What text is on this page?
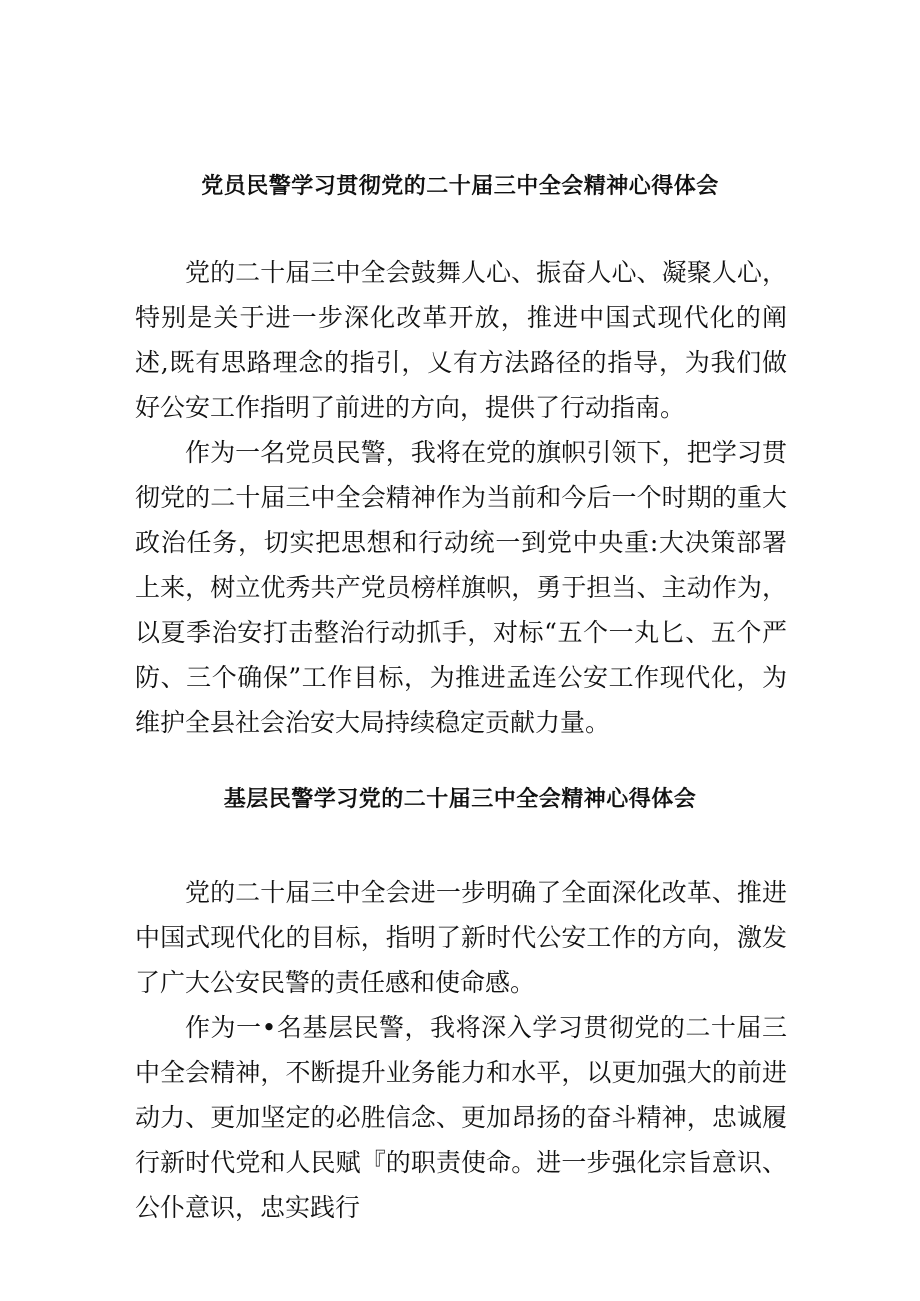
党员民警学习贯彻党的二十届三中全会精神心得体会

党的二十届三中全会鼓舞人心、振奋人心、凝聚人心，特别是关于进一步深化改革开放，推进中国式现代化的阐述,既有思路理念的指引，乂有方法路径的指导，为我们做好公安工作指明了前进的方向，提供了行动指南。

作为一名党员民警，我将在党的旗帜引领下，把学习贯彻党的二十届三中全会精神作为当前和今后一个时期的重大政治任务，切实把思想和行动统一到党中央重:大决策部署上来，树立优秀共产党员榜样旗帜，勇于担当、主动作为，以夏季治安打击整治行动抓手，对标“五个一丸匕、五个严防、三个确保”工作目标，为推进孟连公安工作现代化，为维护全县社会治安大局持续稳定贡献力量。

基层民警学习党的二十届三中全会精神心得体会

党的二十届三中全会进一步明确了全面深化改革、推进中国式现代化的目标，指明了新时代公安工作的方向，激发了广大公安民警的责任感和使命感。

作为一•名基层民警，我将深入学习贯彻党的二十届三中全会精神，不断提升业务能力和水平，以更加强大的前进动力、更加坚定的必胜信念、更加昂扬的奋斗精神，忠诚履行新时代党和人民赋『的职责使命。进一步强化宗旨意识、公仆意识，忠实践行
